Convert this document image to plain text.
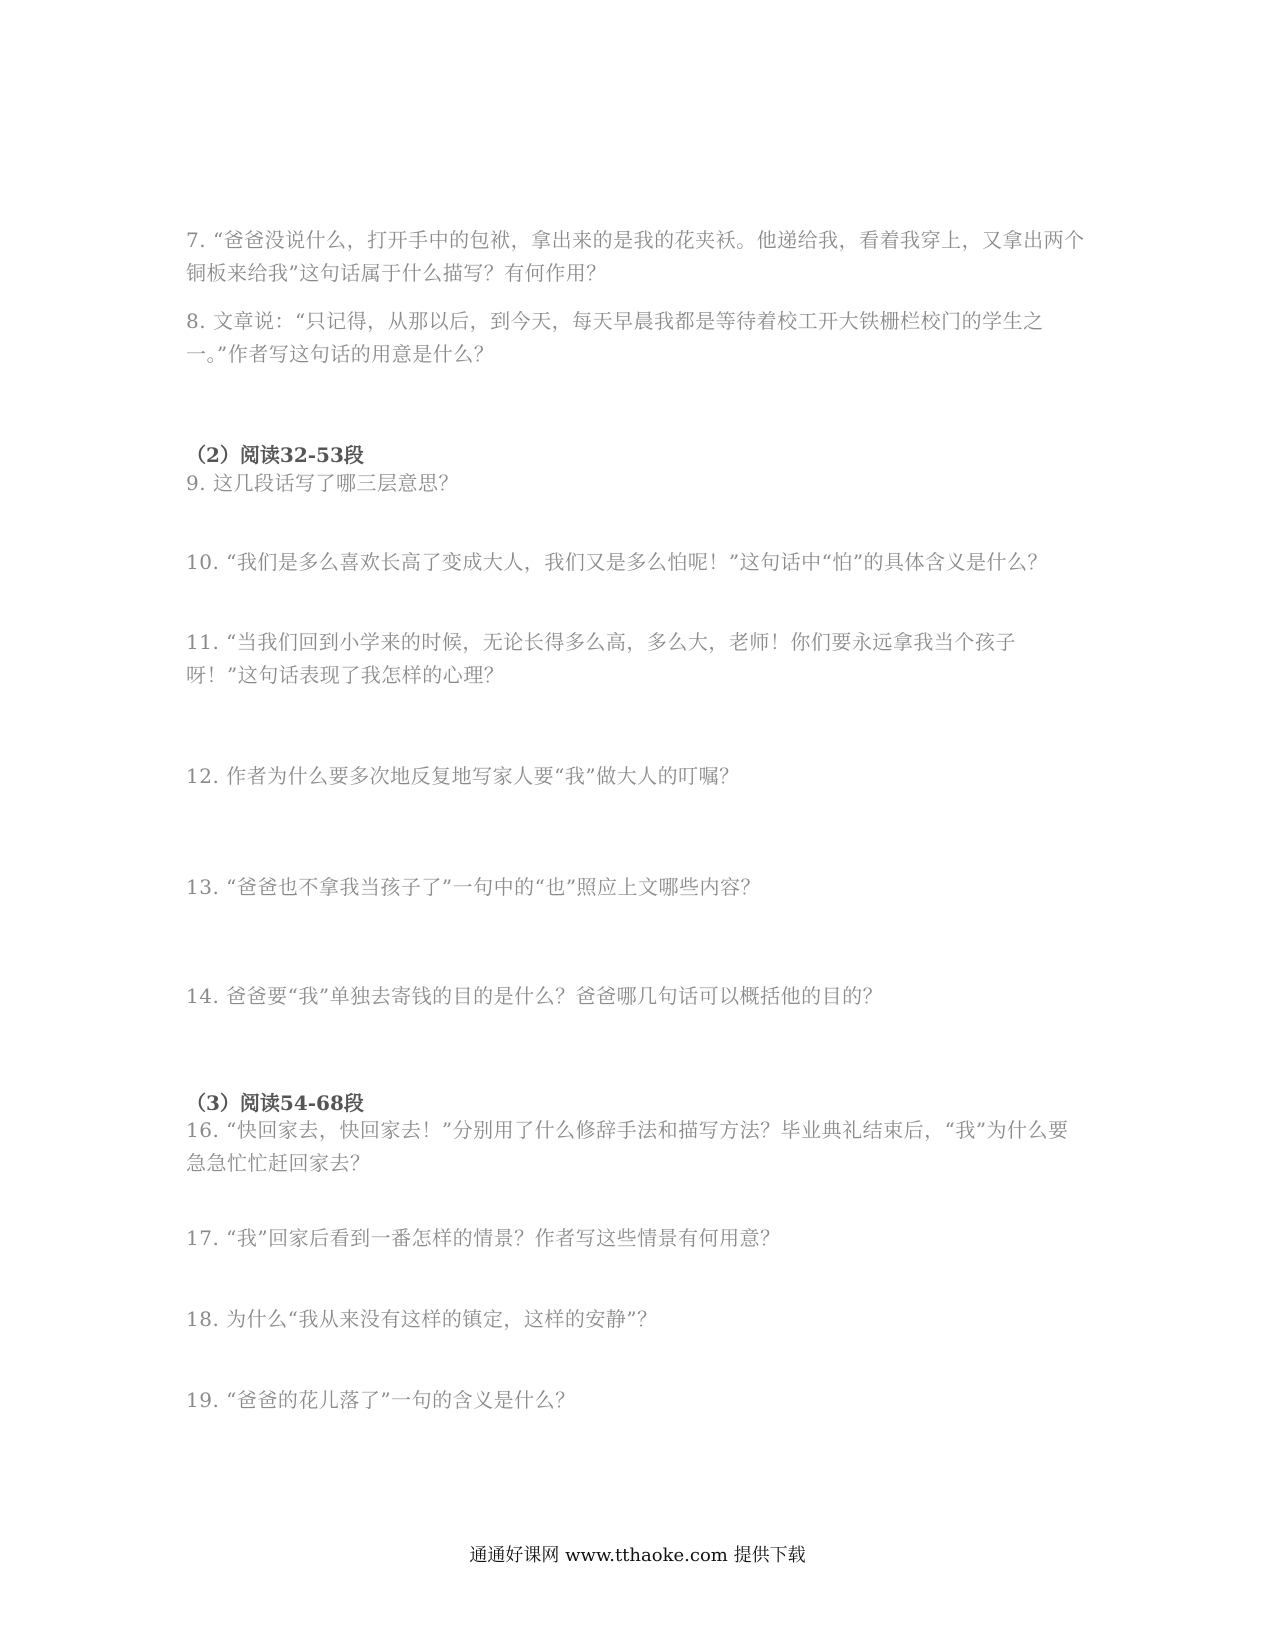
7. “爸爸没说什么，打开手中的包袱，拿出来的是我的花夹袄。他递给我，看着我穿上，又拿出两个铜板来给我”这句话属于什么描写？有何作用？

8. 文章说：“只记得，从那以后，到今天，每天早晨我都是等待着校工开大铁栅栏校门的学生之一。”作者写这句话的用意是什么？

（2）阅读32-53段

9. 这几段话写了哪三层意思？

10. “我们是多么喜欢长高了变成大人，我们又是多么怕呢！”这句话中“怕”的具体含义是什么？

11. “当我们回到小学来的时候，无论长得多么高，多么大，老师！你们要永远拿我当个孩子呀！”这句话表现了我怎样的心理？

12. 作者为什么要多次地反复地写家人要“我”做大人的叮嘱？

13. “爸爸也不拿我当孩子了”一句中的“也”照应上文哪些内容？

14. 爸爸要“我”单独去寄钱的目的是什么？爸爸哪几句话可以概括他的目的？

（3）阅读54-68段

16. “快回家去，快回家去！”分别用了什么修辞手法和描写方法？毕业典礼结束后，“我”为什么要急急忙忙赶回家去？

17. “我”回家后看到一番怎样的情景？作者写这些情景有何用意？

18. 为什么“我从来没有这样的镇定，这样的安静”？

19. “爸爸的花儿落了”一句的含义是什么？

通通好课网 www.tthaoke.com 提供下载
